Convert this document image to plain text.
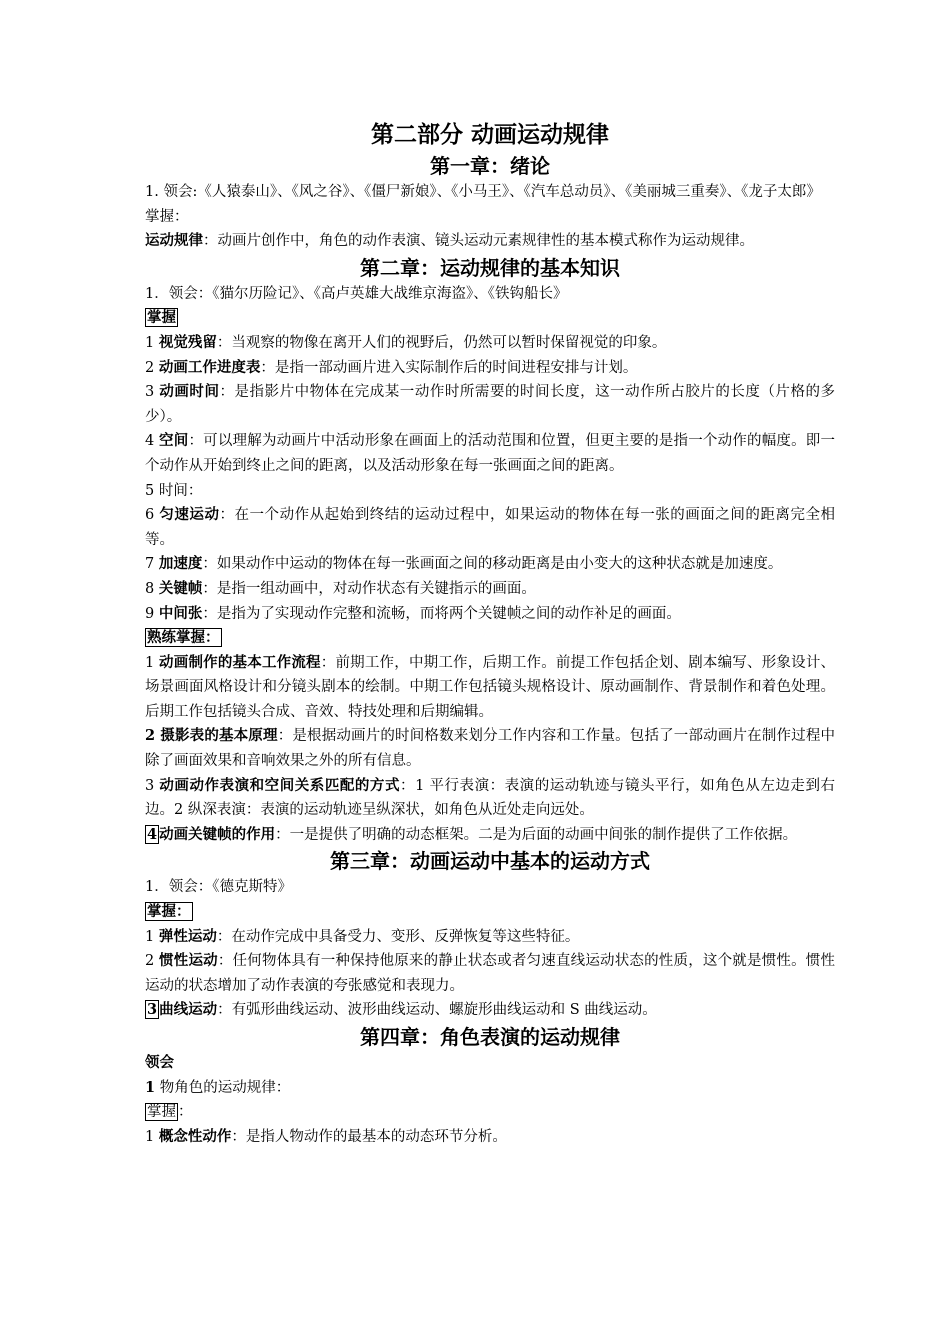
第二部分 动画运动规律
第一章：绪论

1. 领会:《人猿泰山》、《风之谷》、《僵尸新娘》、《小马王》、《汽车总动员》、《美丽城三重奏》、《龙子太郎》

掌握：

运动规律：动画片创作中，角色的动作表演、镜头运动元素规律性的基本模式称作为运动规律。

第二章：运动规律的基本知识

1．领会：《猫尔历险记》、《高卢英雄大战维京海盗》、《铁钩船长》

掌握

1 视觉残留：当观察的物像在离开人们的视野后，仍然可以暂时保留视觉的印象。

2 动画工作进度表：是指一部动画片进入实际制作后的时间进程安排与计划。

3 动画时间：是指影片中物体在完成某一动作时所需要的时间长度，这一动作所占胶片的长度（片格的多少）。

4 空间：可以理解为动画片中活动形象在画面上的活动范围和位置，但更主要的是指一个动作的幅度。即一个动作从开始到终止之间的距离，以及活动形象在每一张画面之间的距离。

5 时间：

6 匀速运动：在一个动作从起始到终结的运动过程中，如果运动的物体在每一张的画面之间的距离完全相等。

7 加速度：如果动作中运动的物体在每一张画面之间的移动距离是由小变大的这种状态就是加速度。

8 关键帧：是指一组动画中，对动作状态有关键指示的画面。

9 中间张：是指为了实现动作完整和流畅，而将两个关键帧之间的动作补足的画面。

熟练掌握：

1 动画制作的基本工作流程：前期工作，中期工作，后期工作。前提工作包括企划、剧本编写、形象设计、场景画面风格设计和分镜头剧本的绘制。中期工作包括镜头规格设计、原动画制作、背景制作和着色处理。后期工作包括镜头合成、音效、特技处理和后期编辑。

2 摄影表的基本原理：是根据动画片的时间格数来划分工作内容和工作量。包括了一部动画片在制作过程中除了画面效果和音响效果之外的所有信息。

3 动画动作表演和空间关系匹配的方式：1 平行表演：表演的运动轨迹与镜头平行，如角色从左边走到右边。2 纵深表演：表演的运动轨迹呈纵深状，如角色从近处走向远处。

4 动画关键帧的作用：一是提供了明确的动态框架。二是为后面的动画中间张的制作提供了工作依据。

第三章：动画运动中基本的运动方式

1．领会：《德克斯特》

掌握：

1 弹性运动：在动作完成中具备受力、变形、反弹恢复等这些特征。

2 惯性运动：任何物体具有一种保持他原来的静止状态或者匀速直线运动状态的性质，这个就是惯性。惯性运动的状态增加了动作表演的夸张感觉和表现力。

3 曲线运动：有弧形曲线运动、波形曲线运动、螺旋形曲线运动和 S 曲线运动。

第四章：角色表演的运动规律

领会

1 物角色的运动规律：

掌握 ：

1 概念性动作：是指人物动作的最基本的动态环节分析。
